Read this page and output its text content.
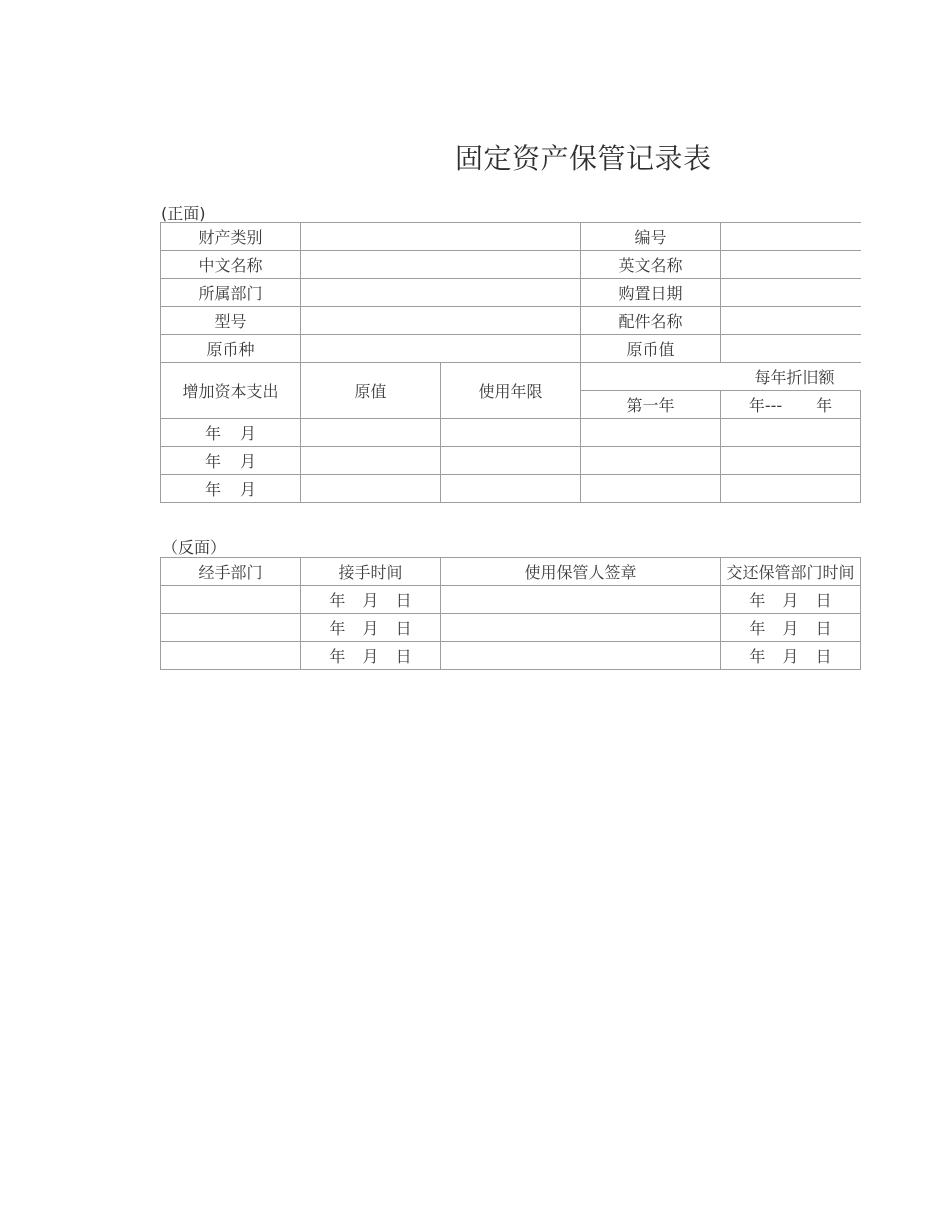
固定资产保管记录表
(正面)
财产类别			编号	
中文名称			英文名称	
所属部门			购置日期	
型号			配件名称	
原币种			原币值	
增加资本支出	原值	使用年限	每年折旧额	
			第一年	年--- 年
年 月				
年 月				
年 月				
（反面）
经手部门	接手时间	使用保管人签章	交还保管部门时间
	年 月 日		年 月 日
	年 月 日		年 月 日
	年 月 日		年 月 日
